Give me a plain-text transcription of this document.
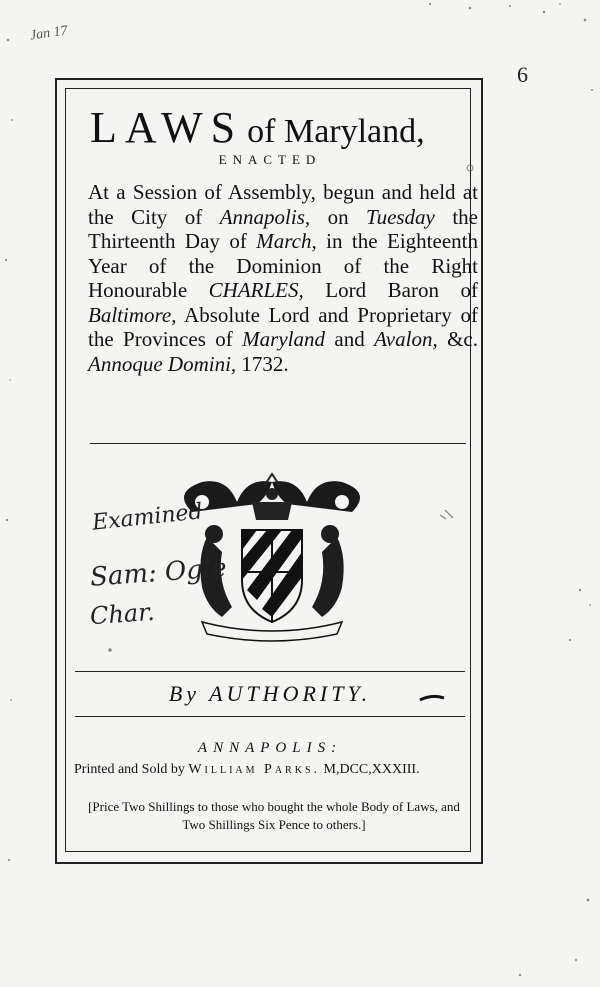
Jan 17
6
LAWS of Maryland,
ENACTED
At a Session of Assembly, begun and held at the City of Annapolis, on Tuesday the Thirteenth Day of March, in the Eighteenth Year of the Dominion of the Right Honourable CHARLES, Lord Baron of Baltimore, Absolute Lord and Proprietary of the Provinces of Maryland and Avalon, &c. Annoque Domini, 1732.
Examined
Sam: Ogle
Char.
By AUTHORITY.
ANNAPOLIS:
Printed and Sold by William Parks. M,DCC,XXXIII.
[Price Two Shillings to those who bought the whole Body of Laws, and Two Shillings Six Pence to others.]
